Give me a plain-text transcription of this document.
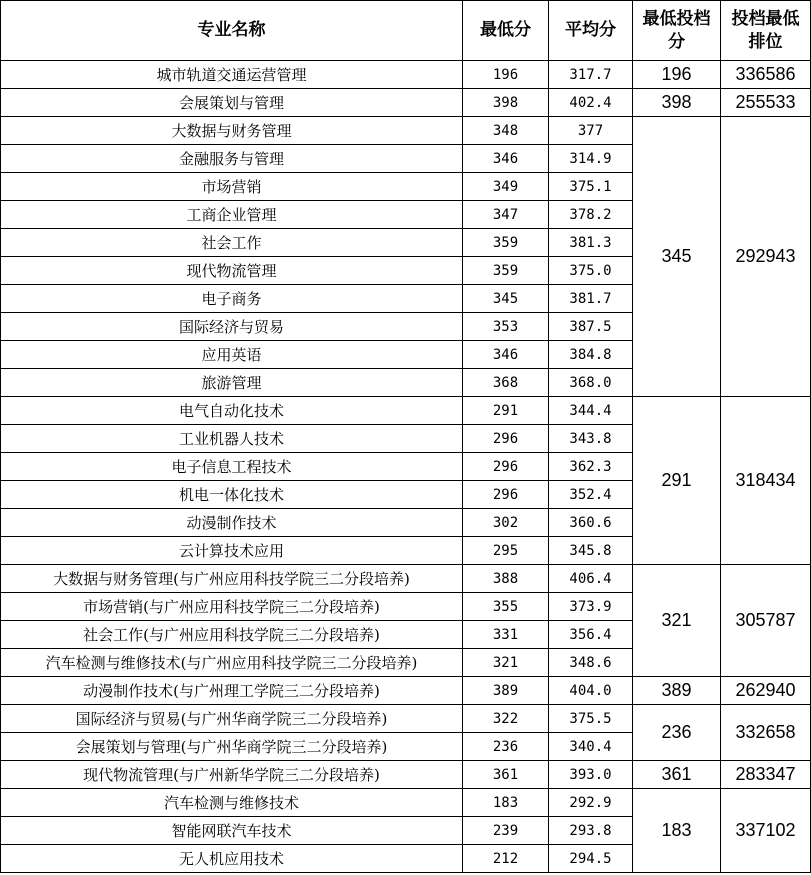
专业名称	最低分	平均分	最低投档分	投档最低排位
城市轨道交通运营管理	196	317.7	196	336586
会展策划与管理	398	402.4	398	255533
大数据与财务管理	348	377	345	292943
金融服务与管理	346	314.9		
市场营销	349	375.1		
工商企业管理	347	378.2		
社会工作	359	381.3		
现代物流管理	359	375.0		
电子商务	345	381.7		
国际经济与贸易	353	387.5		
应用英语	346	384.8		
旅游管理	368	368.0		
电气自动化技术	291	344.4	291	318434
工业机器人技术	296	343.8		
电子信息工程技术	296	362.3		
机电一体化技术	296	352.4		
动漫制作技术	302	360.6		
云计算技术应用	295	345.8		
大数据与财务管理(与广州应用科技学院三二分段培养)	388	406.4	321	305787
市场营销(与广州应用科技学院三二分段培养)	355	373.9		
社会工作(与广州应用科技学院三二分段培养)	331	356.4		
汽车检测与维修技术(与广州应用科技学院三二分段培养)	321	348.6		
动漫制作技术(与广州理工学院三二分段培养)	389	404.0	389	262940
国际经济与贸易(与广州华商学院三二分段培养)	322	375.5	236	332658
会展策划与管理(与广州华商学院三二分段培养)	236	340.4		
现代物流管理(与广州新华学院三二分段培养)	361	393.0	361	283347
汽车检测与维修技术	183	292.9	183	337102
智能网联汽车技术	239	293.8		
无人机应用技术	212	294.5		
